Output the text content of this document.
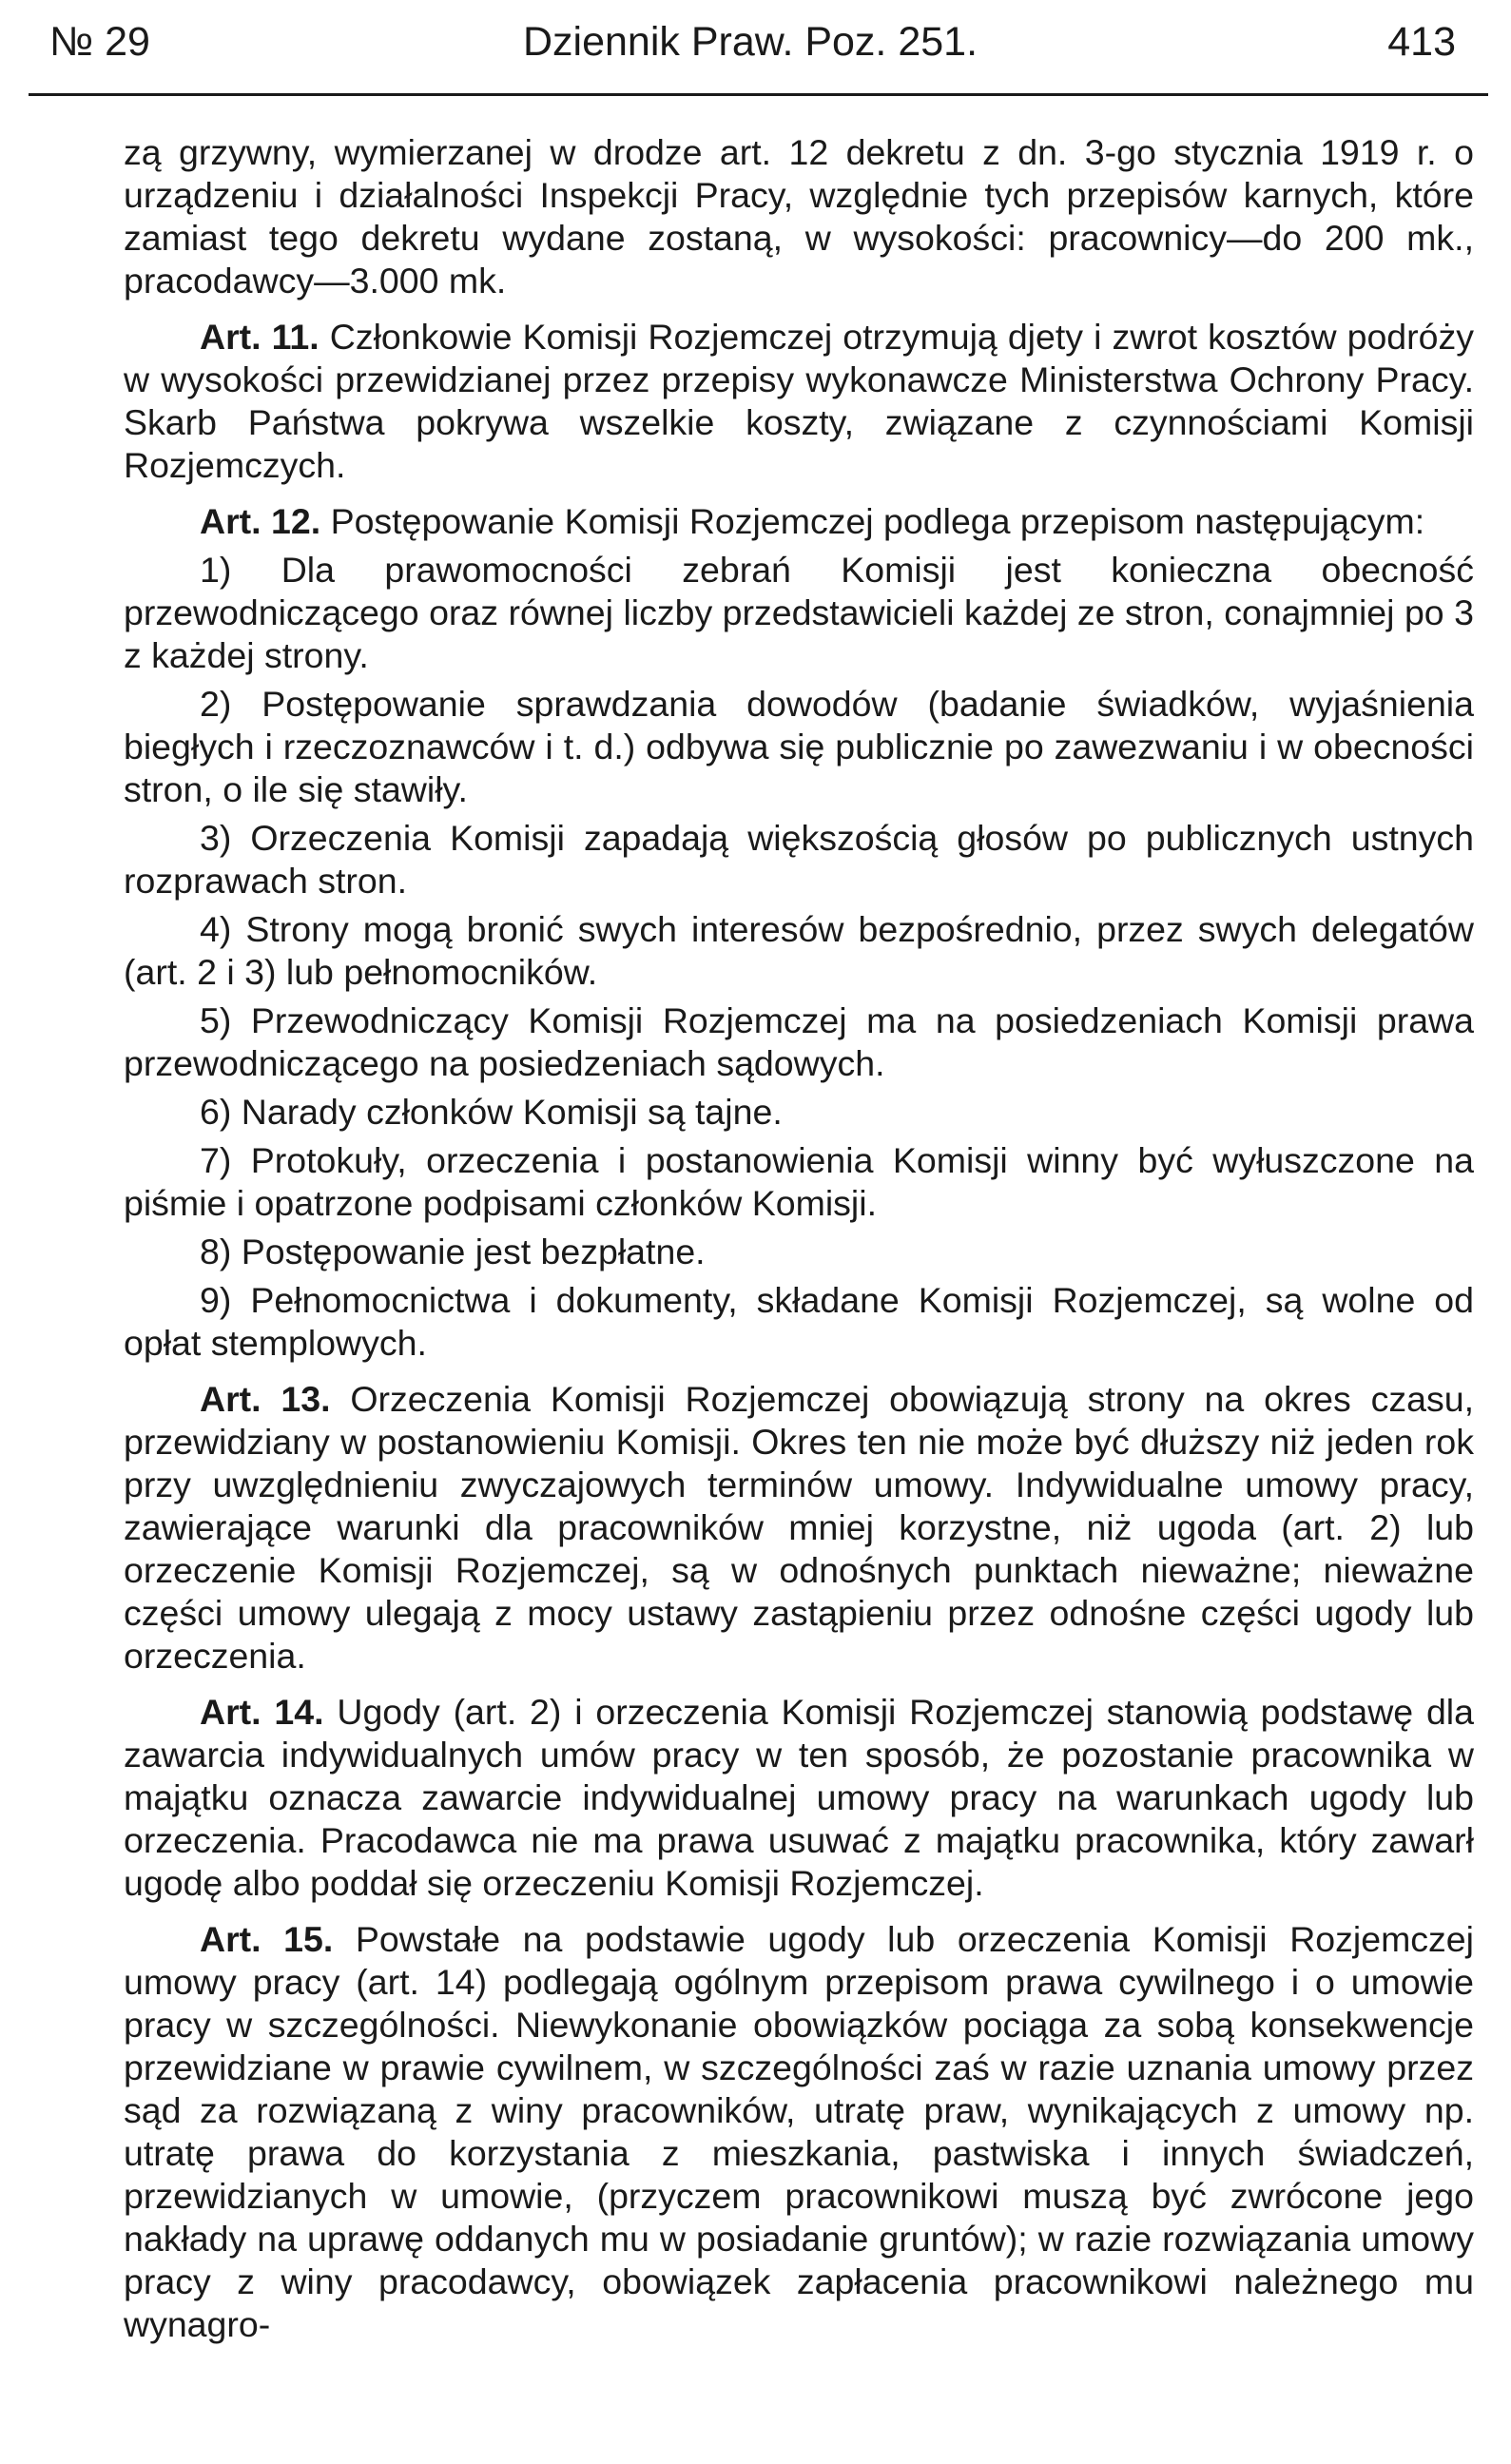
№ 29	Dziennik Praw. Poz. 251.	413

zą grzywny, wymierzanej w drodze art. 12 dekretu z dn. 3-go stycznia 1919 r. o urządzeniu i działalności Inspekcji Pracy, względnie tych przepisów karnych, które zamiast tego dekretu wydane zostaną, w wysokości: pracownicy—do 200 mk., pracodawcy—3.000 mk.

Art. 11. Członkowie Komisji Rozjemczej otrzymują djety i zwrot kosztów podróży w wysokości przewidzianej przez przepisy wykonawcze Ministerstwa Ochrony Pracy. Skarb Państwa pokrywa wszelkie koszty, związane z czynnościami Komisji Rozjemczych.

Art. 12. Postępowanie Komisji Rozjemczej podlega przepisom następującym:

1) Dla prawomocności zebrań Komisji jest konieczna obecność przewodniczącego oraz równej liczby przedstawicieli każdej ze stron, conajmniej po 3 z każdej strony.

2) Postępowanie sprawdzania dowodów (badanie świadków, wyjaśnienia biegłych i rzeczoznawców i t. d.) odbywa się publicznie po zawezwaniu i w obecności stron, o ile się stawiły.

3) Orzeczenia Komisji zapadają większością głosów po publicznych ustnych rozprawach stron.

4) Strony mogą bronić swych interesów bezpośrednio, przez swych delegatów (art. 2 i 3) lub pełnomocników.

5) Przewodniczący Komisji Rozjemczej ma na posiedzeniach Komisji prawa przewodniczącego na posiedzeniach sądowych.

6) Narady członków Komisji są tajne.

7) Protokuły, orzeczenia i postanowienia Komisji winny być wyłuszczone na piśmie i opatrzone podpisami członków Komisji.

8) Postępowanie jest bezpłatne.

9) Pełnomocnictwa i dokumenty, składane Komisji Rozjemczej, są wolne od opłat stemplowych.

Art. 13. Orzeczenia Komisji Rozjemczej obowiązują strony na okres czasu, przewidziany w postanowieniu Komisji. Okres ten nie może być dłuższy niż jeden rok przy uwzględnieniu zwyczajowych terminów umowy. Indywidualne umowy pracy, zawierające warunki dla pracowników mniej korzystne, niż ugoda (art. 2) lub orzeczenie Komisji Rozjemczej, są w odnośnych punktach nieważne; nieważne części umowy ulegają z mocy ustawy zastąpieniu przez odnośne części ugody lub orzeczenia.

Art. 14. Ugody (art. 2) i orzeczenia Komisji Rozjemczej stanowią podstawę dla zawarcia indywidualnych umów pracy w ten sposób, że pozostanie pracownika w majątku oznacza zawarcie indywidualnej umowy pracy na warunkach ugody lub orzeczenia. Pracodawca nie ma prawa usuwać z majątku pracownika, który zawarł ugodę albo poddał się orzeczeniu Komisji Rozjemczej.

Art. 15. Powstałe na podstawie ugody lub orzeczenia Komisji Rozjemczej umowy pracy (art. 14) podlegają ogólnym przepisom prawa cywilnego i o umowie pracy w szczególności. Niewykonanie obowiązków pociąga za sobą konsekwencje przewidziane w prawie cywilnem, w szczególności zaś w razie uznania umowy przez sąd za rozwiązaną z winy pracowników, utratę praw, wynikających z umowy np. utratę prawa do korzystania z mieszkania, pastwiska i innych świadczeń, przewidzianych w umowie, (przyczem pracownikowi muszą być zwrócone jego nakłady na uprawę oddanych mu w posiadanie gruntów); w razie rozwiązania umowy pracy z winy pracodawcy, obowiązek zapłacenia pracownikowi należnego mu wynagro-
